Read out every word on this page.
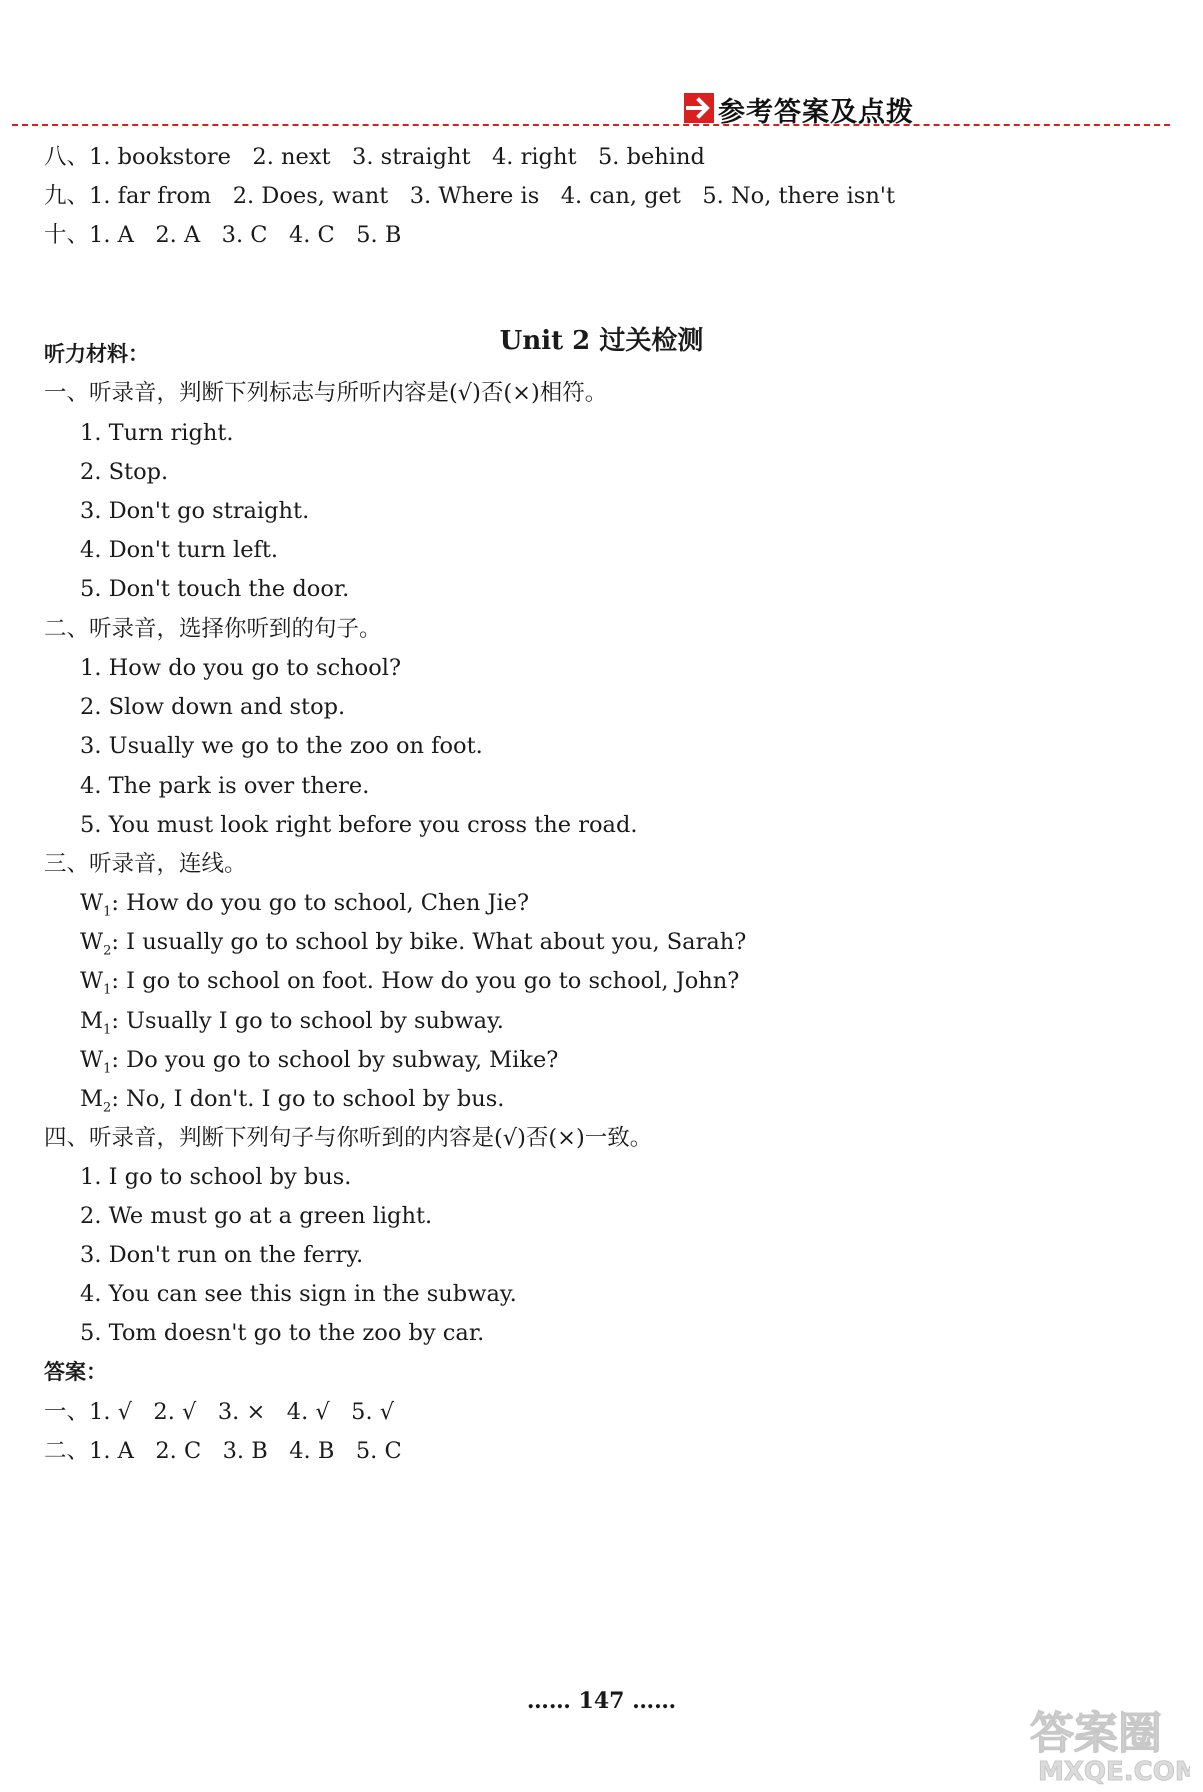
参考答案及点拨
八、1. bookstore   2. next   3. straight   4. right   5. behind
九、1. far from   2. Does, want   3. Where is   4. can, get   5. No, there isn't
十、1. A   2. A   3. C   4. C   5. B
Unit 2 过关检测
听力材料：
一、听录音，判断下列标志与所听内容是(√)否(×)相符。
1. Turn right.
2. Stop.
3. Don't go straight.
4. Don't turn left.
5. Don't touch the door.
二、听录音，选择你听到的句子。
1. How do you go to school?
2. Slow down and stop.
3. Usually we go to the zoo on foot.
4. The park is over there.
5. You must look right before you cross the road.
三、听录音，连线。
$W_1$: How do you go to school, Chen Jie?
$W_2$: I usually go to school by bike. What about you, Sarah?
$W_1$: I go to school on foot. How do you go to school, John?
$M_1$: Usually I go to school by subway.
$W_1$: Do you go to school by subway, Mike?
$M_2$: No, I don't. I go to school by bus.
四、听录音，判断下列句子与你听到的内容是(√)否(×)一致。
1. I go to school by bus.
2. We must go at a green light.
3. Don't run on the ferry.
4. You can see this sign in the subway.
5. Tom doesn't go to the zoo by car.
答案：
一、1. √   2. √   3. ×   4. √   5. √
二、1. A   2. C   3. B   4. B   5. C
…… 147 ……
答案圈
MXQE.COM
